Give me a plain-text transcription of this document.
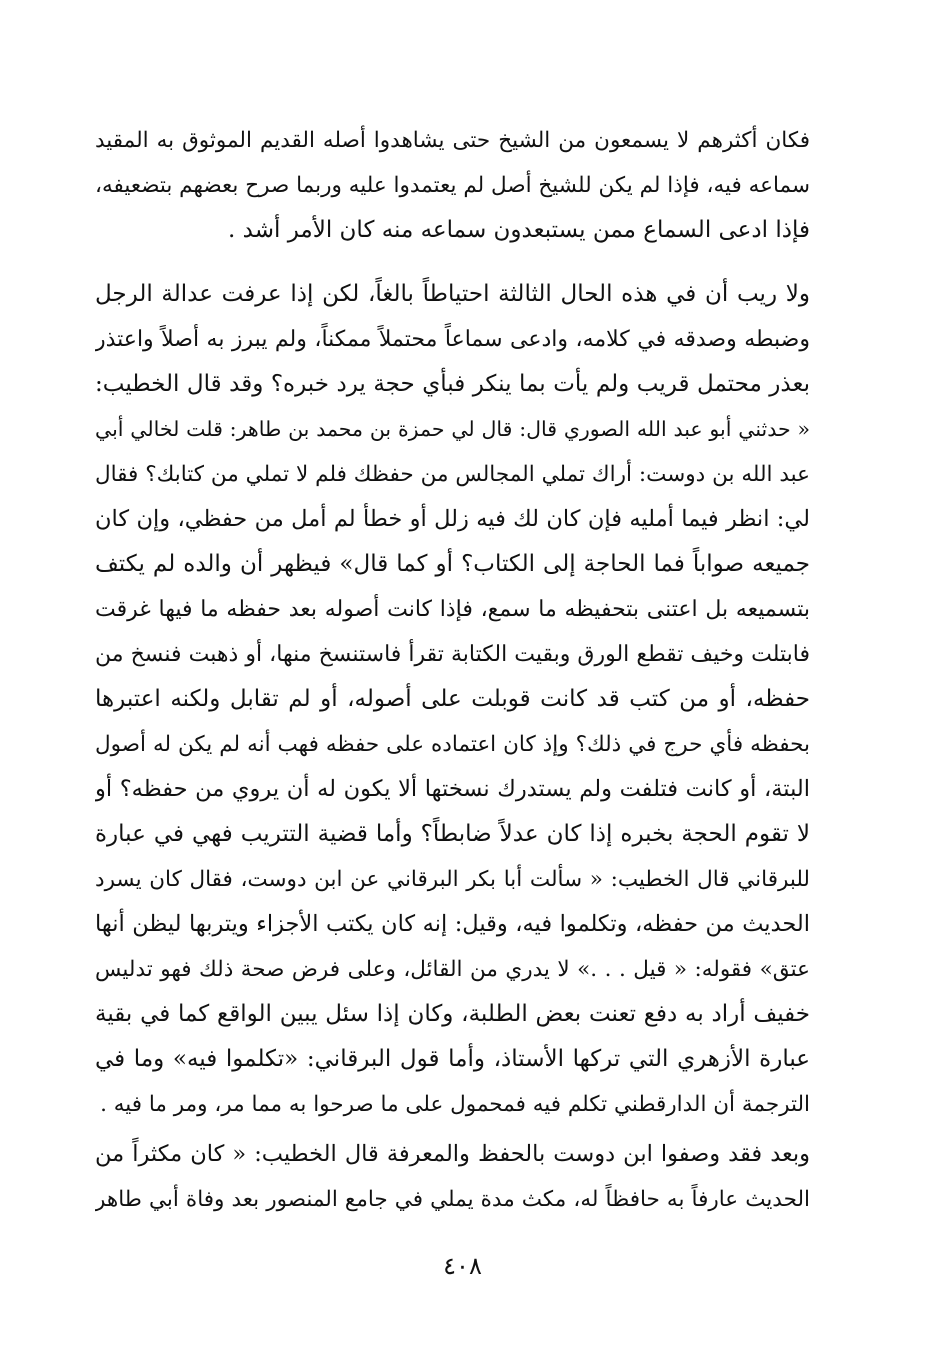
فكان أكثرهم لا يسمعون من الشيخ حتى يشاهدوا أصله القديم الموثوق به المقيد
سماعه فيه، فإذا لم يكن للشيخ أصل لم يعتمدوا عليه وربما صرح بعضهم بتضعيفه،
فإذا ادعى السماع ممن يستبعدون سماعه منه كان الأمر أشد .
ولا ريب أن في هذه الحال الثالثة احتياطاً بالغاً، لكن إذا عرفت عدالة الرجل
وضبطه وصدقه في كلامه، وادعى سماعاً محتملاً ممكناً، ولم يبرز به أصلاً واعتذر
بعذر محتمل قريب ولم يأت بما ينكر فبأي حجة يرد خبره؟ وقد قال الخطيب:
« حدثني أبو عبد الله الصوري قال: قال لي حمزة بن محمد بن طاهر: قلت لخالي أبي
عبد الله بن دوست: أراك تملي المجالس من حفظك فلم لا تملي من كتابك؟ فقال
لي: انظر فيما أمليه فإن كان لك فيه زلل أو خطأ لم أمل من حفظي، وإن كان
جميعه صواباً فما الحاجة إلى الكتاب؟ أو كما قال» فيظهر أن والده لم يكتف
بتسميعه بل اعتنى بتحفيظه ما سمع، فإذا كانت أصوله بعد حفظه ما فيها غرقت
فابتلت وخيف تقطع الورق وبقيت الكتابة تقرأ فاستنسخ منها، أو ذهبت فنسخ من
حفظه، أو من كتب قد كانت قوبلت على أصوله، أو لم تقابل ولكنه اعتبرها
بحفظه فأي حرج في ذلك؟ وإذ كان اعتماده على حفظه فهب أنه لم يكن له أصول
البتة، أو كانت فتلفت ولم يستدرك نسختها ألا يكون له أن يروي من حفظه؟ أو
لا تقوم الحجة بخبره إذا كان عدلاً ضابطاً؟ وأما قضية التتريب فهي في عبارة
للبرقاني قال الخطيب: « سألت أبا بكر البرقاني عن ابن دوست، فقال كان يسرد
الحديث من حفظه، وتكلموا فيه، وقيل: إنه كان يكتب الأجزاء ويتربها ليظن أنها
عتق» فقوله: « قيل . . .» لا يدري من القائل، وعلى فرض صحة ذلك فهو تدليس
خفيف أراد به دفع تعنت بعض الطلبة، وكان إذا سئل يبين الواقع كما في بقية
عبارة الأزهري التي تركها الأستاذ، وأما قول البرقاني: «تكلموا فيه» وما في
الترجمة أن الدارقطني تكلم فيه فمحمول على ما صرحوا به مما مر، ومر ما فيه .
وبعد فقد وصفوا ابن دوست بالحفظ والمعرفة قال الخطيب: « كان مكثراً من
الحديث عارفاً به حافظاً له، مكث مدة يملي في جامع المنصور بعد وفاة أبي طاهر
٤٠٨
